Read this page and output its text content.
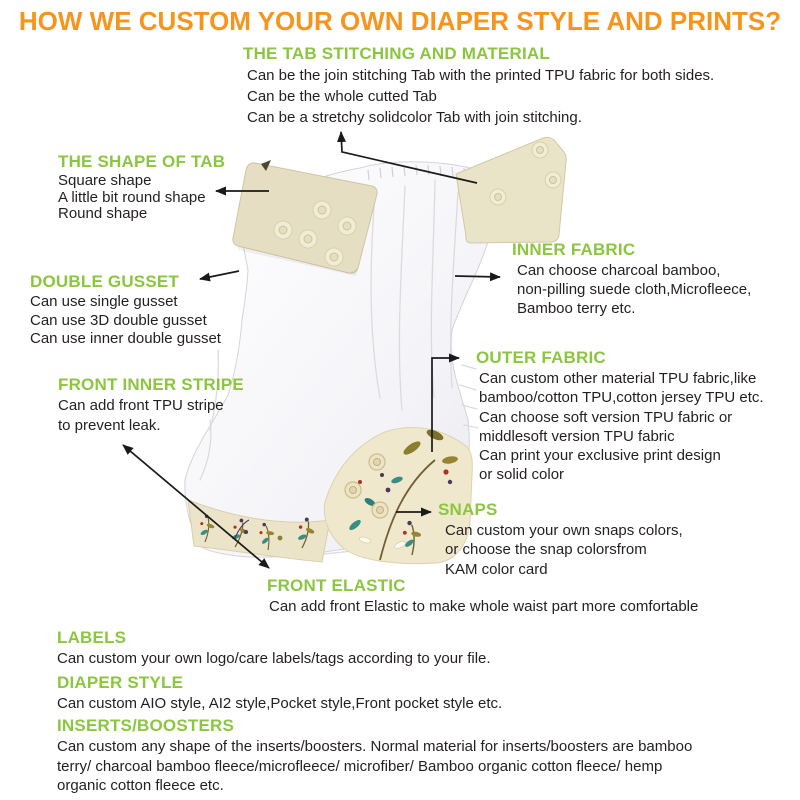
HOW WE CUSTOM YOUR OWN DIAPER STYLE AND PRINTS?
THE TAB STITCHING AND MATERIAL
Can be the join stitching Tab with the printed TPU fabric for both sides.
Can be the whole cutted Tab
Can be a stretchy solidcolor Tab with join stitching.
THE SHAPE OF TAB
Square shape
A little bit round shape
Round shape
DOUBLE GUSSET
Can use single gusset
Can use 3D double gusset
Can use inner double gusset
FRONT INNER STRIPE
Can add front TPU stripe
to prevent leak.
INNER FABRIC
Can choose charcoal bamboo,
non-pilling suede cloth,Microfleece,
Bamboo terry etc.
OUTER FABRIC
Can custom other material TPU fabric,like
bamboo/cotton TPU,cotton jersey TPU etc.
Can choose soft version TPU fabric or
middlesoft version TPU fabric
Can print your exclusive print design
or solid color
SNAPS
Can custom your own snaps colors,
or choose the snap colorsfrom
KAM color card
FRONT ELASTIC
Can add front Elastic to make whole waist part more comfortable
LABELS
Can custom your own logo/care labels/tags according to your file.
DIAPER STYLE
Can custom AIO style, AI2 style,Pocket style,Front pocket style etc.
INSERTS/BOOSTERS
Can custom any shape of the inserts/boosters. Normal material for inserts/boosters are bamboo
terry/ charcoal bamboo fleece/microfleece/ microfiber/ Bamboo organic cotton fleece/ hemp
organic cotton fleece etc.
